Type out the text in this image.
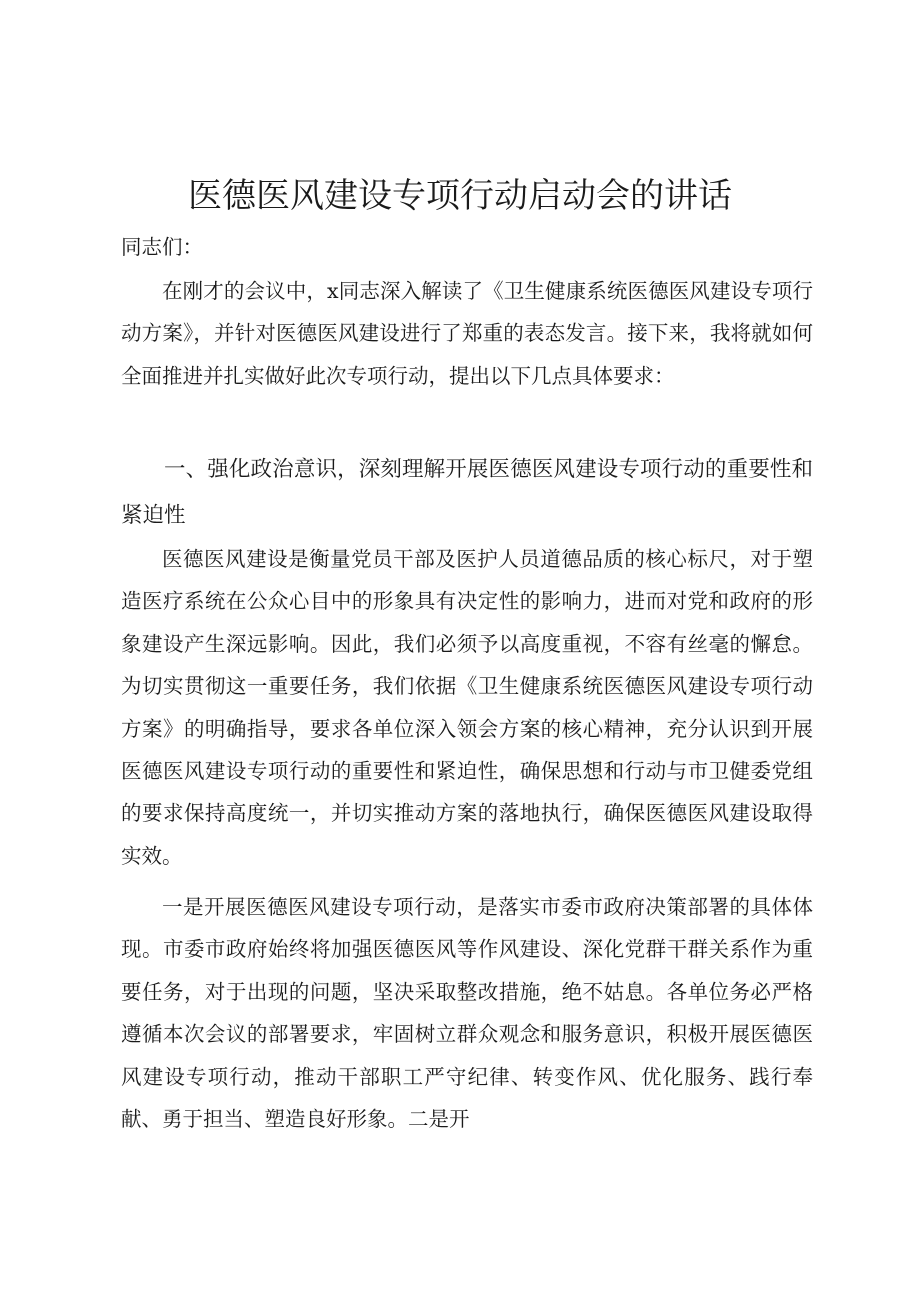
医德医风建设专项行动启动会的讲话

同志们：

在刚才的会议中，x同志深入解读了《卫生健康系统医德医风建设专项行动方案》，并针对医德医风建设进行了郑重的表态发言。接下来，我将就如何全面推进并扎实做好此次专项行动，提出以下几点具体要求：

一、强化政治意识，深刻理解开展医德医风建设专项行动的重要性和紧迫性

医德医风建设是衡量党员干部及医护人员道德品质的核心标尺，对于塑造医疗系统在公众心目中的形象具有决定性的影响力，进而对党和政府的形象建设产生深远影响。因此，我们必须予以高度重视，不容有丝毫的懈怠。为切实贯彻这一重要任务，我们依据《卫生健康系统医德医风建设专项行动方案》的明确指导，要求各单位深入领会方案的核心精神，充分认识到开展医德医风建设专项行动的重要性和紧迫性，确保思想和行动与市卫健委党组的要求保持高度统一，并切实推动方案的落地执行，确保医德医风建设取得实效。

一是开展医德医风建设专项行动，是落实市委市政府决策部署的具体体现。市委市政府始终将加强医德医风等作风建设、深化党群干群关系作为重要任务，对于出现的问题，坚决采取整改措施，绝不姑息。各单位务必严格遵循本次会议的部署要求，牢固树立群众观念和服务意识，积极开展医德医风建设专项行动，推动干部职工严守纪律、转变作风、优化服务、践行奉献、勇于担当、塑造良好形象。二是开
